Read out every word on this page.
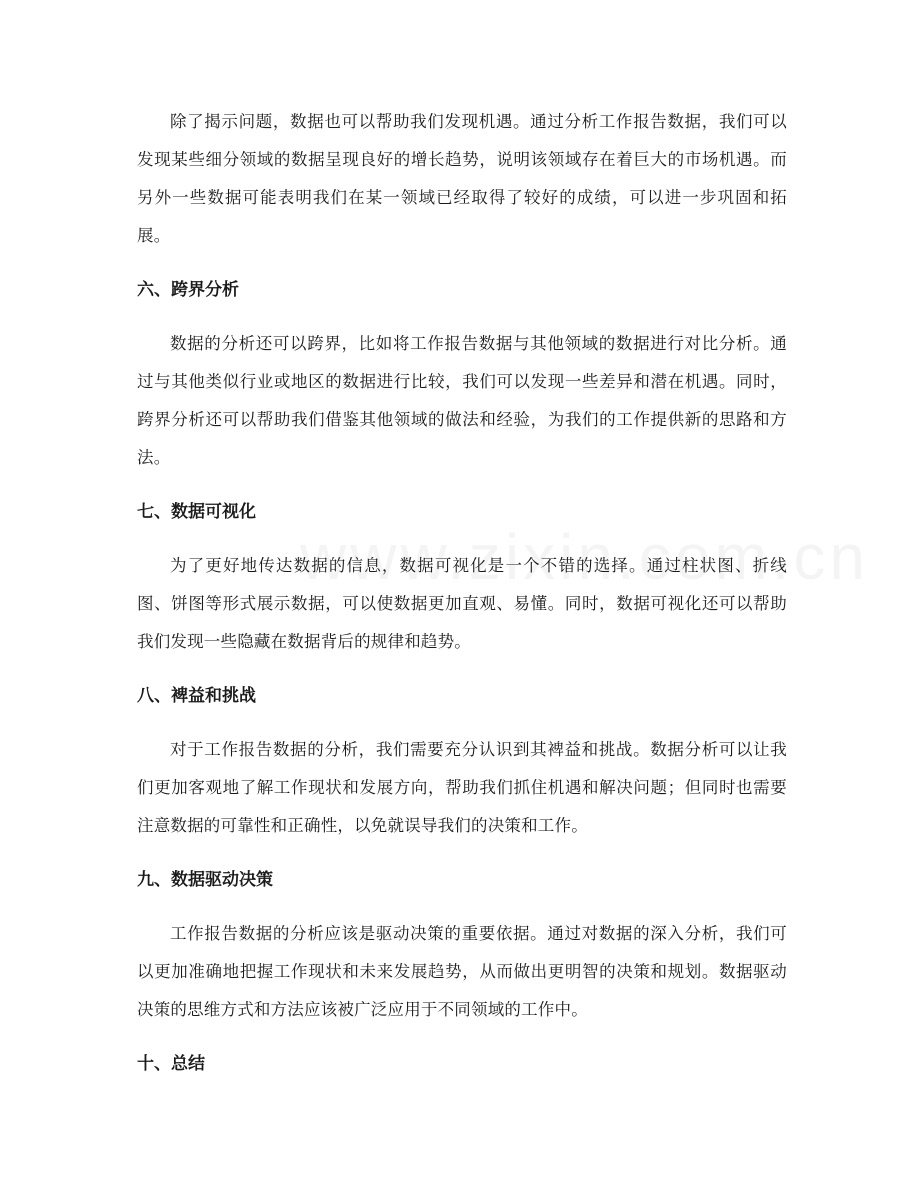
除了揭示问题，数据也可以帮助我们发现机遇。通过分析工作报告数据，我们可以发现某些细分领域的数据呈现良好的增长趋势，说明该领域存在着巨大的市场机遇。而另外一些数据可能表明我们在某一领域已经取得了较好的成绩，可以进一步巩固和拓展。

六、跨界分析

数据的分析还可以跨界，比如将工作报告数据与其他领域的数据进行对比分析。通过与其他类似行业或地区的数据进行比较，我们可以发现一些差异和潜在机遇。同时，跨界分析还可以帮助我们借鉴其他领域的做法和经验，为我们的工作提供新的思路和方法。

七、数据可视化

为了更好地传达数据的信息，数据可视化是一个不错的选择。通过柱状图、折线图、饼图等形式展示数据，可以使数据更加直观、易懂。同时，数据可视化还可以帮助我们发现一些隐藏在数据背后的规律和趋势。

八、裨益和挑战

对于工作报告数据的分析，我们需要充分认识到其裨益和挑战。数据分析可以让我们更加客观地了解工作现状和发展方向，帮助我们抓住机遇和解决问题；但同时也需要注意数据的可靠性和正确性，以免就误导我们的决策和工作。

九、数据驱动决策

工作报告数据的分析应该是驱动决策的重要依据。通过对数据的深入分析，我们可以更加准确地把握工作现状和未来发展趋势，从而做出更明智的决策和规划。数据驱动决策的思维方式和方法应该被广泛应用于不同领域的工作中。

十、总结
